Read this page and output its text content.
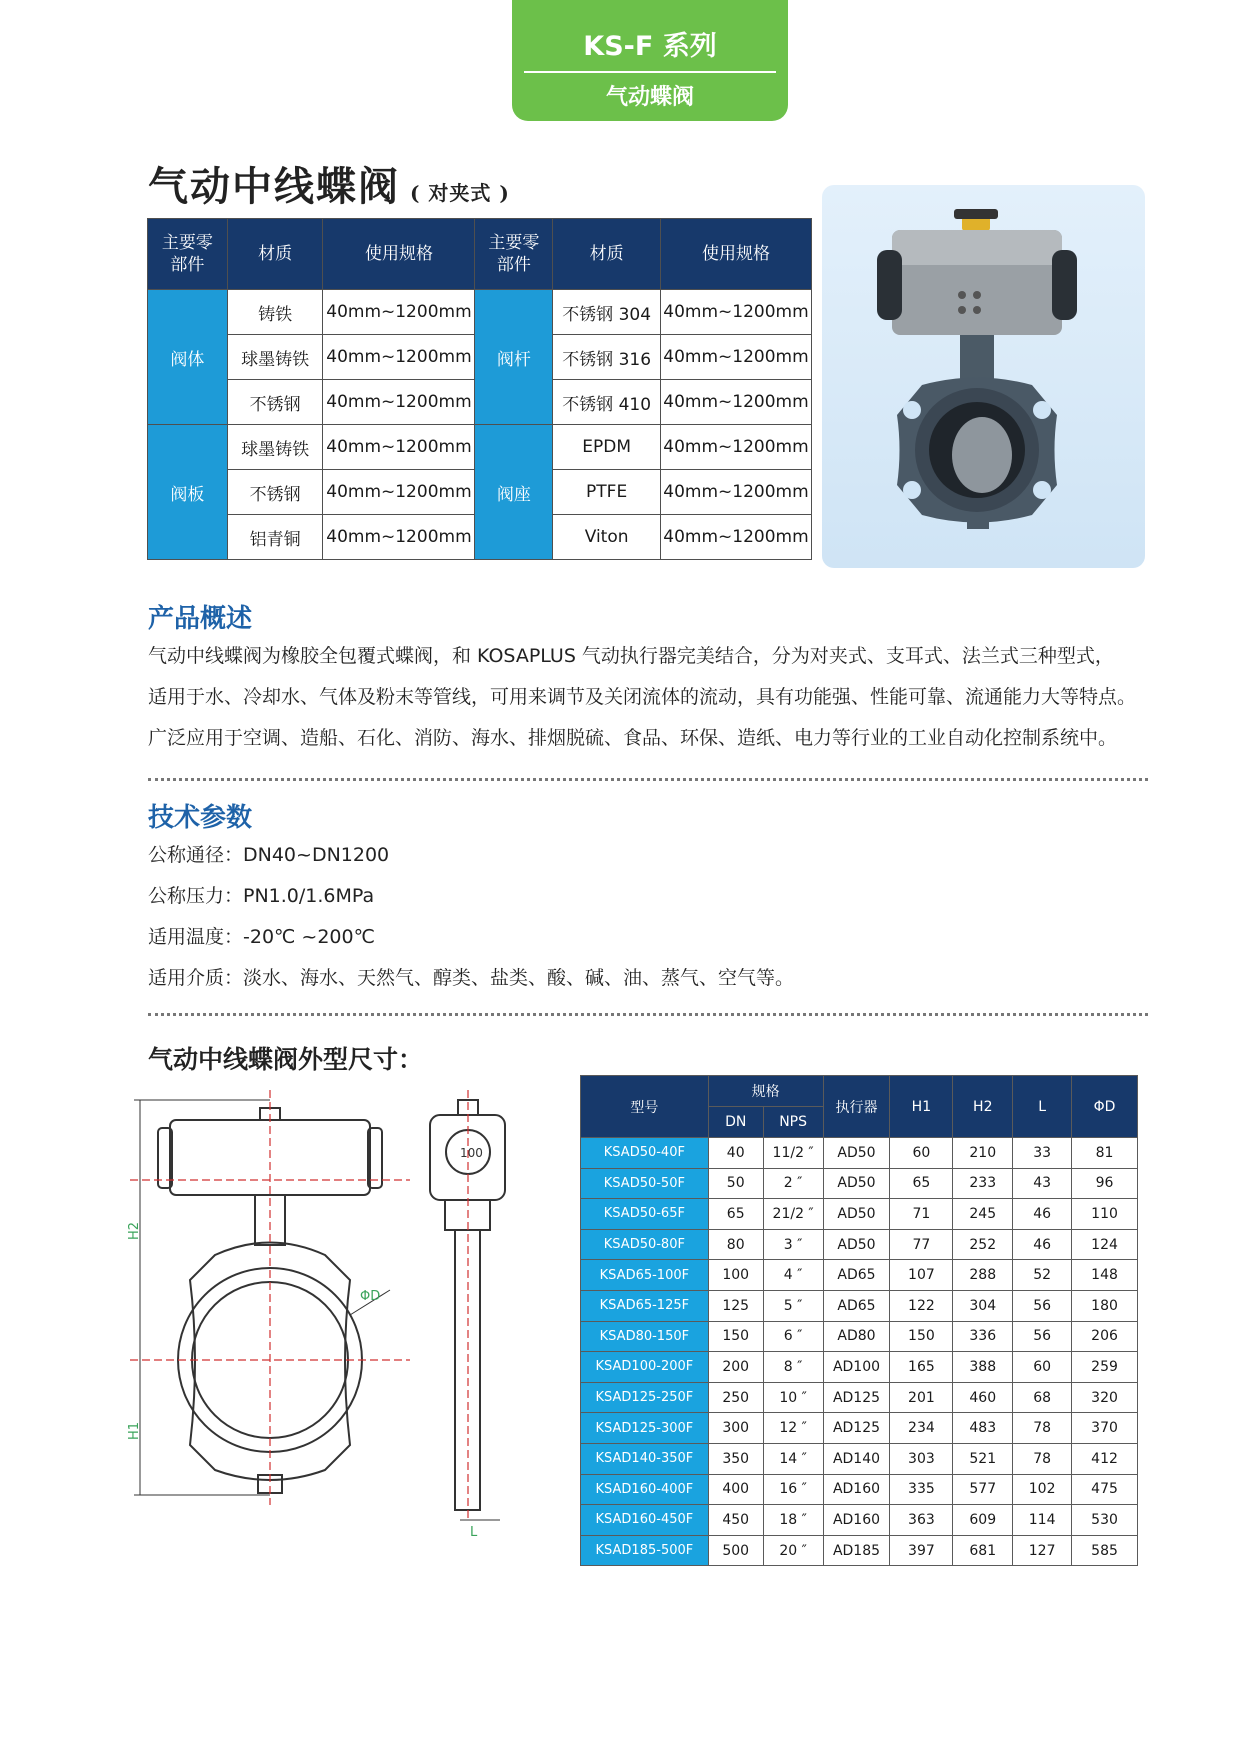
KS-F 系列
气动蝶阀
气动中线蝶阀 ( 对夹式 )
主要零部件	材质	使用规格	主要零部件	材质	使用规格
阀体	铸铁	40mm~1200mm	阀杆	不锈钢 304	40mm~1200mm
	球墨铸铁	40mm~1200mm		不锈钢 316	40mm~1200mm
	不锈钢	40mm~1200mm		不锈钢 410	40mm~1200mm
阀板	球墨铸铁	40mm~1200mm	阀座	EPDM	40mm~1200mm
	不锈钢	40mm~1200mm		PTFE	40mm~1200mm
	铝青铜	40mm~1200mm		Viton	40mm~1200mm
产品概述
气动中线蝶阀为橡胶全包覆式蝶阀，和 KOSAPLUS 气动执行器完美结合，分为对夹式、支耳式、法兰式三种型式，
适用于水、冷却水、气体及粉末等管线，可用来调节及关闭流体的流动，具有功能强、性能可靠、流通能力大等特点。
广泛应用于空调、造船、石化、消防、海水、排烟脱硫、食品、环保、造纸、电力等行业的工业自动化控制系统中。
技术参数
公称通径：DN40~DN1200
公称压力：PN1.0/1.6MPa
适用温度：-20℃ ~200℃
适用介质：淡水、海水、天然气、醇类、盐类、酸、碱、油、蒸气、空气等。
气动中线蝶阀外型尺寸：
H2
H1
ΦD
100
L
型号	规格		执行器	H1	H2	L	ΦD
	DN	NPS					
KSAD50-40F	40	11/2 ″	AD50	60	210	33	81
KSAD50-50F	50	2 ″	AD50	65	233	43	96
KSAD50-65F	65	21/2 ″	AD50	71	245	46	110
KSAD50-80F	80	3 ″	AD50	77	252	46	124
KSAD65-100F	100	4 ″	AD65	107	288	52	148
KSAD65-125F	125	5 ″	AD65	122	304	56	180
KSAD80-150F	150	6 ″	AD80	150	336	56	206
KSAD100-200F	200	8 ″	AD100	165	388	60	259
KSAD125-250F	250	10 ″	AD125	201	460	68	320
KSAD125-300F	300	12 ″	AD125	234	483	78	370
KSAD140-350F	350	14 ″	AD140	303	521	78	412
KSAD160-400F	400	16 ″	AD160	335	577	102	475
KSAD160-450F	450	18 ″	AD160	363	609	114	530
KSAD185-500F	500	20 ″	AD185	397	681	127	585
